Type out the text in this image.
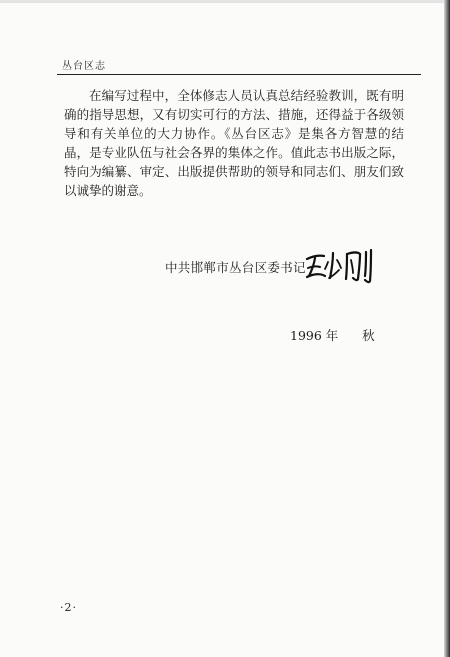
丛台区志

在编写过程中，全体修志人员认真总结经验教训，既有明确的指导思想，又有切实可行的方法、措施，还得益于各级领导和有关单位的大力协作。《丛台区志》是集各方智慧的结晶，是专业队伍与社会各界的集体之作。值此志书出版之际，特向为编纂、审定、出版提供帮助的领导和同志们、朋友们致以诚挚的谢意。

中共邯郸市丛台区委书记
1996 年      秋
·2·
